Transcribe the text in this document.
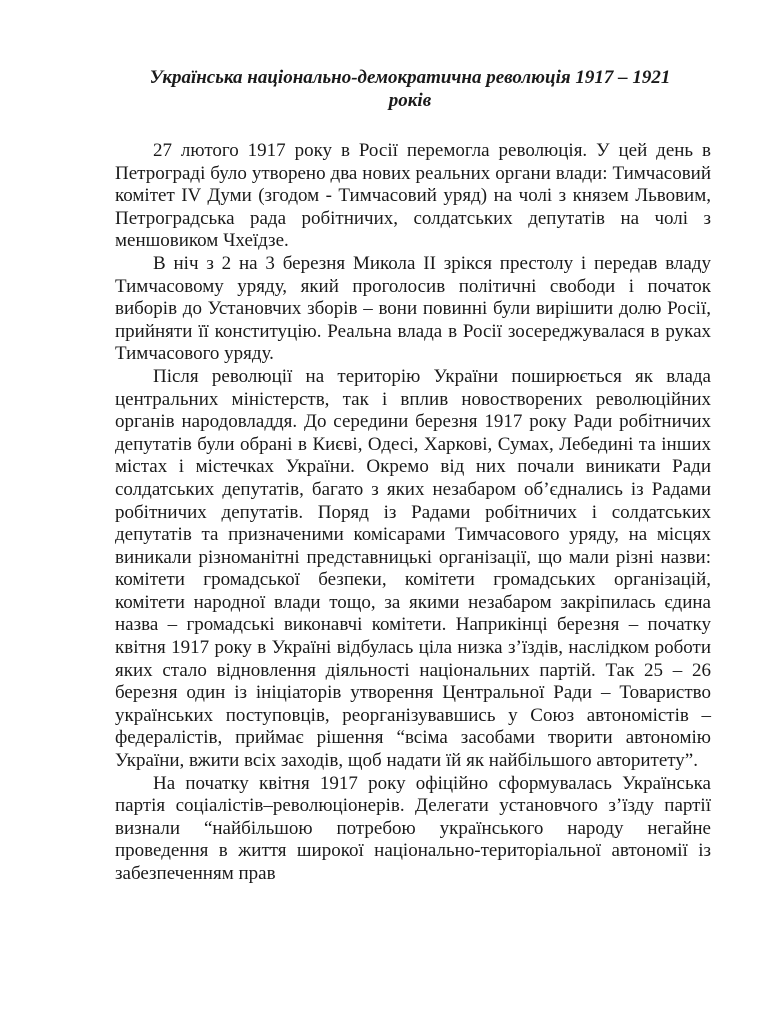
Українська національно-демократична революція 1917 – 1921
років

27 лютого 1917 року в Росії перемогла революція. У цей день в Петрограді було утворено два нових реальних органи влади: Тимчасовий комітет IV Думи (згодом - Тимчасовий уряд) на чолі з князем Львовим, Петроградська рада робітничих, солдатських депутатів на чолі з меншовиком Чхеїдзе.

В ніч з 2 на 3 березня Микола II зрікся престолу і передав владу Тимчасовому уряду, який проголосив політичні свободи і початок виборів до Установчих зборів – вони повинні були вирішити долю Росії, прийняти її конституцію. Реальна влада в Росії зосереджувалася в руках Тимчасового уряду.

Після революції на територію України поширюється як влада центральних міністерств, так і вплив новостворених революційних органів народовладдя. До середини березня 1917 року Ради робітничих депутатів були обрані в Києві, Одесі, Харкові, Сумах, Лебедині та інших містах і містечках України. Окремо від них почали виникати Ради солдатських депутатів, багато з яких незабаром об’єднались із Радами робітничих депутатів. Поряд із Радами робітничих і солдатських депутатів та призначеними комісарами Тимчасового уряду, на місцях виникали різноманітні представницькі організації, що мали різні назви: комітети громадської безпеки, комітети громадських організацій, комітети народної влади тощо, за якими незабаром закріпилась єдина назва – громадські виконавчі комітети. Наприкінці березня – початку квітня 1917 року в Україні відбулась ціла низка з’їздів, наслідком роботи яких стало відновлення діяльності національних партій. Так 25 – 26 березня один із ініціаторів утворення Центральної Ради – Товариство українських поступовців, реорганізувавшись у Союз автономістів – федералістів, приймає рішення “всіма засобами творити автономію України, вжити всіх заходів, щоб надати їй як найбільшого авторитету”.

На початку квітня 1917 року офіційно сформувалась Українська партія соціалістів–революціонерів. Делегати установчого з’їзду партії визнали “найбільшою потребою українського народу негайне проведення в життя широкої національно-територіальної автономії із забезпеченням прав
